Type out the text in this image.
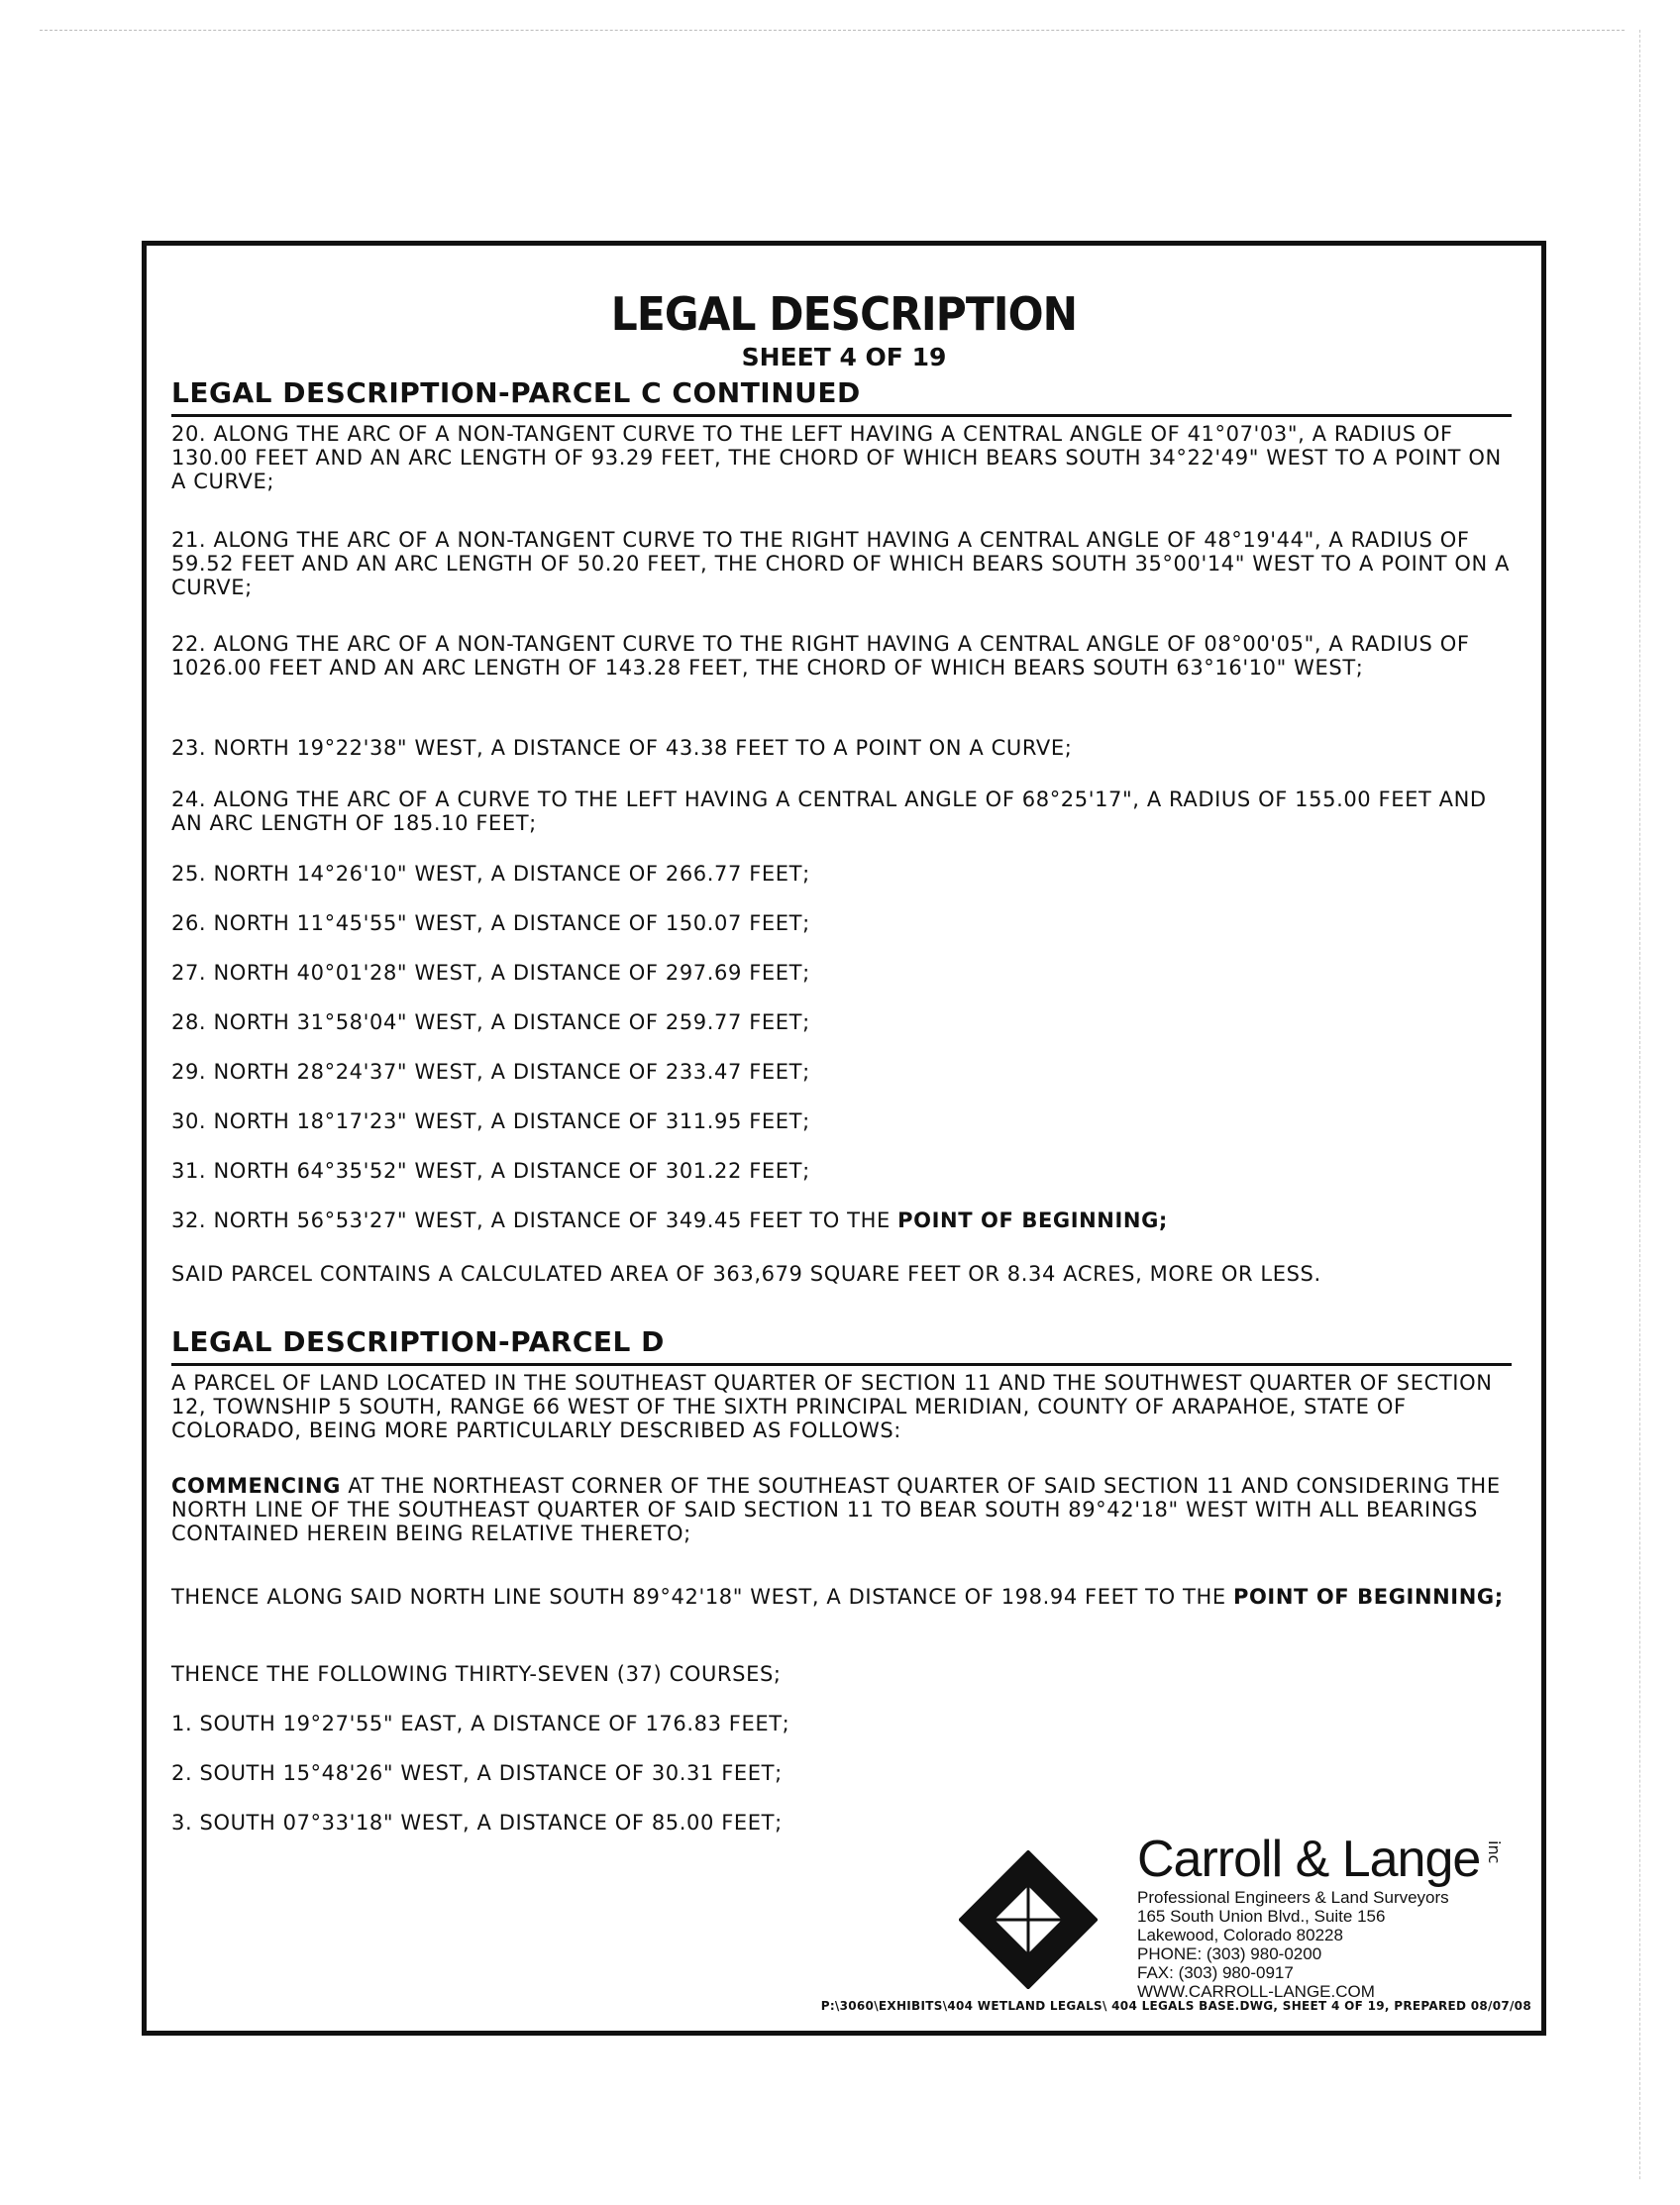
LEGAL DESCRIPTION
SHEET 4 OF 19
LEGAL DESCRIPTION-PARCEL C CONTINUED

20. ALONG THE ARC OF A NON-TANGENT CURVE TO THE LEFT HAVING A CENTRAL ANGLE OF 41°07'03", A RADIUS OF 130.00 FEET AND AN ARC LENGTH OF 93.29 FEET, THE CHORD OF WHICH BEARS SOUTH 34°22'49" WEST TO A POINT ON A CURVE;

21. ALONG THE ARC OF A NON-TANGENT CURVE TO THE RIGHT HAVING A CENTRAL ANGLE OF 48°19'44", A RADIUS OF 59.52 FEET AND AN ARC LENGTH OF 50.20 FEET, THE CHORD OF WHICH BEARS SOUTH 35°00'14" WEST TO A POINT ON A CURVE;

22. ALONG THE ARC OF A NON-TANGENT CURVE TO THE RIGHT HAVING A CENTRAL ANGLE OF 08°00'05", A RADIUS OF 1026.00 FEET AND AN ARC LENGTH OF 143.28 FEET, THE CHORD OF WHICH BEARS SOUTH 63°16'10" WEST;

23. NORTH 19°22'38" WEST, A DISTANCE OF 43.38 FEET TO A POINT ON A CURVE;

24. ALONG THE ARC OF A CURVE TO THE LEFT HAVING A CENTRAL ANGLE OF 68°25'17", A RADIUS OF 155.00 FEET AND AN ARC LENGTH OF 185.10 FEET;

25. NORTH 14°26'10" WEST, A DISTANCE OF 266.77 FEET;

26. NORTH 11°45'55" WEST, A DISTANCE OF 150.07 FEET;

27. NORTH 40°01'28" WEST, A DISTANCE OF 297.69 FEET;

28. NORTH 31°58'04" WEST, A DISTANCE OF 259.77 FEET;

29. NORTH 28°24'37" WEST, A DISTANCE OF 233.47 FEET;

30. NORTH 18°17'23" WEST, A DISTANCE OF 311.95 FEET;

31. NORTH 64°35'52" WEST, A DISTANCE OF 301.22 FEET;

32. NORTH 56°53'27" WEST, A DISTANCE OF 349.45 FEET TO THE POINT OF BEGINNING;

SAID PARCEL CONTAINS A CALCULATED AREA OF 363,679 SQUARE FEET OR 8.34 ACRES, MORE OR LESS.

LEGAL DESCRIPTION-PARCEL D

A PARCEL OF LAND LOCATED IN THE SOUTHEAST QUARTER OF SECTION 11 AND THE SOUTHWEST QUARTER OF SECTION 12, TOWNSHIP 5 SOUTH, RANGE 66 WEST OF THE SIXTH PRINCIPAL MERIDIAN, COUNTY OF ARAPAHOE, STATE OF COLORADO, BEING MORE PARTICULARLY DESCRIBED AS FOLLOWS:

COMMENCING AT THE NORTHEAST CORNER OF THE SOUTHEAST QUARTER OF SAID SECTION 11 AND CONSIDERING THE NORTH LINE OF THE SOUTHEAST QUARTER OF SAID SECTION 11 TO BEAR SOUTH 89°42'18" WEST WITH ALL BEARINGS CONTAINED HEREIN BEING RELATIVE THERETO;

THENCE ALONG SAID NORTH LINE SOUTH 89°42'18" WEST, A DISTANCE OF 198.94 FEET TO THE POINT OF BEGINNING;

THENCE THE FOLLOWING THIRTY-SEVEN (37) COURSES;

1. SOUTH 19°27'55" EAST, A DISTANCE OF 176.83 FEET;

2. SOUTH 15°48'26" WEST, A DISTANCE OF 30.31 FEET;

3. SOUTH 07°33'18" WEST, A DISTANCE OF 85.00 FEET;

Carroll & Lange inc
Professional Engineers & Land Surveyors
165 South Union Blvd., Suite 156
Lakewood, Colorado 80228
PHONE: (303) 980-0200
FAX: (303) 980-0917
WWW.CARROLL-LANGE.COM
P:\3060\EXHIBITS\404 WETLAND LEGALS\ 404 LEGALS BASE.DWG, SHEET 4 OF 19, PREPARED 08/07/08
